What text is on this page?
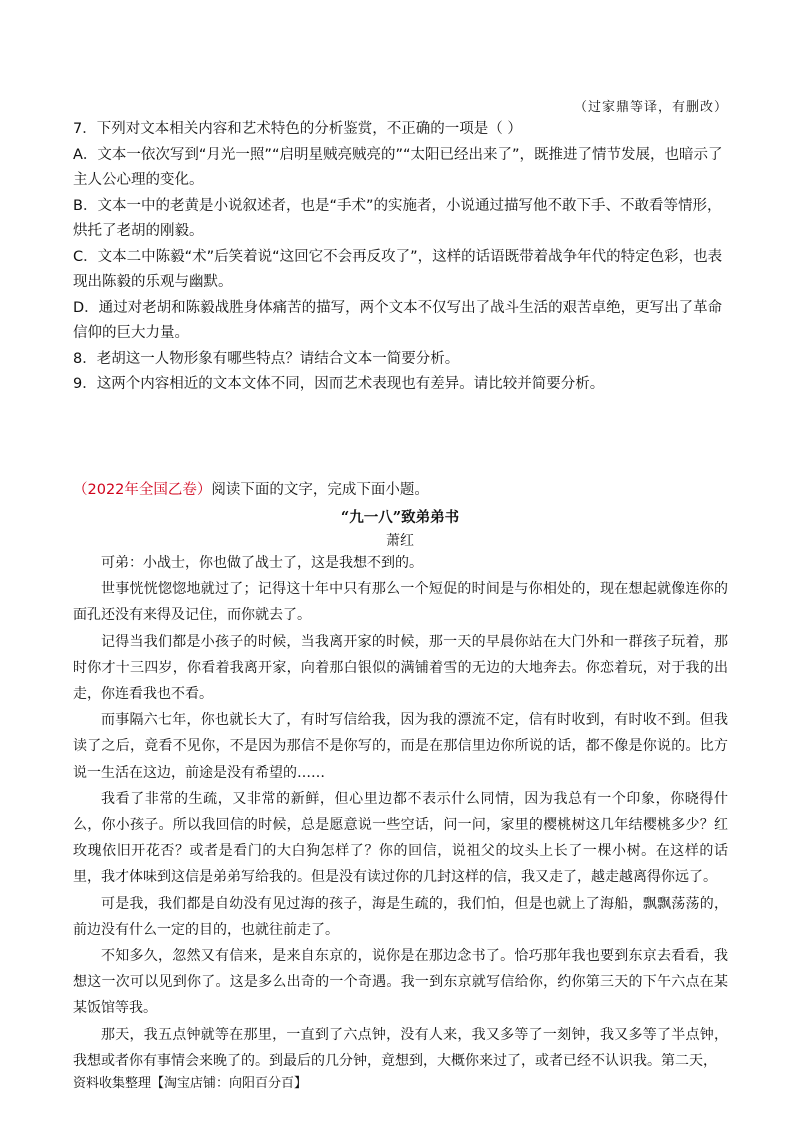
（过家鼎等译，有删改）

7．下列对文本相关内容和艺术特色的分析鉴赏，不正确的一项是（ ）

A．文本一依次写到“月光一照”“启明星贼亮贼亮的”“太阳已经出来了”，既推进了情节发展，也暗示了主人公心理的变化。

B．文本一中的老黄是小说叙述者，也是“手术”的实施者，小说通过描写他不敢下手、不敢看等情形，烘托了老胡的刚毅。

C．文本二中陈毅“术”后笑着说“这回它不会再反攻了”，这样的话语既带着战争年代的特定色彩，也表现出陈毅的乐观与幽默。

D．通过对老胡和陈毅战胜身体痛苦的描写，两个文本不仅写出了战斗生活的艰苦卓绝，更写出了革命信仰的巨大力量。

8．老胡这一人物形象有哪些特点？请结合文本一简要分析。

9．这两个内容相近的文本文体不同，因而艺术表现也有差异。请比较并简要分析。

（2022年全国乙卷）阅读下面的文字，完成下面小题。
“九一八”致弟弟书
萧红

可弟：小战士，你也做了战士了，这是我想不到的。

世事恍恍惚惚地就过了；记得这十年中只有那么一个短促的时间是与你相处的，现在想起就像连你的面孔还没有来得及记住，而你就去了。

记得当我们都是小孩子的时候，当我离开家的时候，那一天的早晨你站在大门外和一群孩子玩着，那时你才十三四岁，你看着我离开家，向着那白银似的满铺着雪的无边的大地奔去。你恋着玩，对于我的出走，你连看我也不看。

而事隔六七年，你也就长大了，有时写信给我，因为我的漂流不定，信有时收到，有时收不到。但我读了之后，竟看不见你，不是因为那信不是你写的，而是在那信里边你所说的话，都不像是你说的。比方说一生活在这边，前途是没有希望的……

我看了非常的生疏，又非常的新鲜，但心里边都不表示什么同情，因为我总有一个印象，你晓得什么，你小孩子。所以我回信的时候，总是愿意说一些空话，问一问，家里的樱桃树这几年结樱桃多少？红玫瑰依旧开花否？或者是看门的大白狗怎样了？你的回信，说祖父的坟头上长了一棵小树。在这样的话里，我才体味到这信是弟弟写给我的。但是没有读过你的几封这样的信，我又走了，越走越离得你远了。

可是我，我们都是自幼没有见过海的孩子，海是生疏的，我们怕，但是也就上了海船，飘飘荡荡的，前边没有什么一定的目的，也就往前走了。

不知多久，忽然又有信来，是来自东京的，说你是在那边念书了。恰巧那年我也要到东京去看看，我想这一次可以见到你了。这是多么出奇的一个奇遇。我一到东京就写信给你，约你第三天的下午六点在某某饭馆等我。

那天，我五点钟就等在那里，一直到了六点钟，没有人来，我又多等了一刻钟，我又多等了半点钟，我想或者你有事情会来晚了的。到最后的几分钟，竟想到，大概你来过了，或者已经不认识我。第二天，

资料收集整理【淘宝店铺：向阳百分百】
